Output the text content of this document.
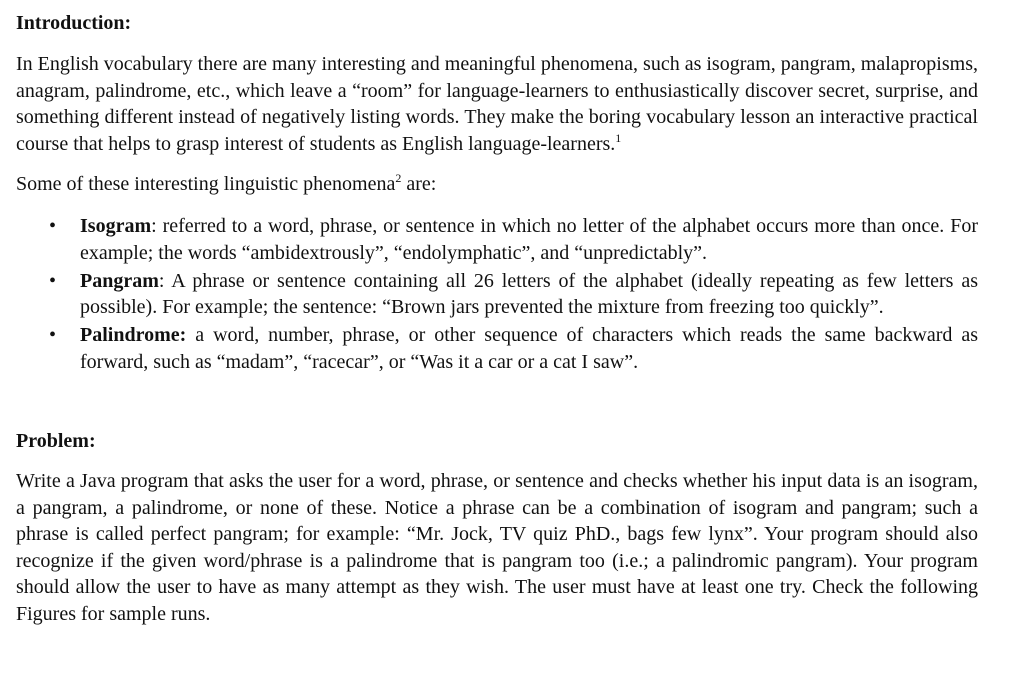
Introduction:

In English vocabulary there are many interesting and meaningful phenomena, such as isogram, pangram, malapropisms, anagram, palindrome, etc., which leave a “room” for language-learners to enthusiastically discover secret, surprise, and something different instead of negatively listing words. They make the boring vocabulary lesson an interactive practical course that helps to grasp interest of students as English language-learners.$^1$

Some of these interesting linguistic phenomena$^2$ are:

• Isogram: referred to a word, phrase, or sentence in which no letter of the alphabet occurs more than once. For example; the words “ambidextrously”, “endolymphatic”, and “unpredictably”.
• Pangram: A phrase or sentence containing all 26 letters of the alphabet (ideally repeating as few letters as possible). For example; the sentence: “Brown jars prevented the mixture from freezing too quickly”.
• Palindrome: a word, number, phrase, or other sequence of characters which reads the same backward as forward, such as “madam”, “racecar”, or “Was it a car or a cat I saw”.
Problem:

Write a Java program that asks the user for a word, phrase, or sentence and checks whether his input data is an isogram, a pangram, a palindrome, or none of these. Notice a phrase can be a combination of isogram and pangram; such a phrase is called perfect pangram; for example: “Mr. Jock, TV quiz PhD., bags few lynx”. Your program should also recognize if the given word/phrase is a palindrome that is pangram too (i.e.; a palindromic pangram). Your program should allow the user to have as many attempt as they wish. The user must have at least one try. Check the following Figures for sample runs.
